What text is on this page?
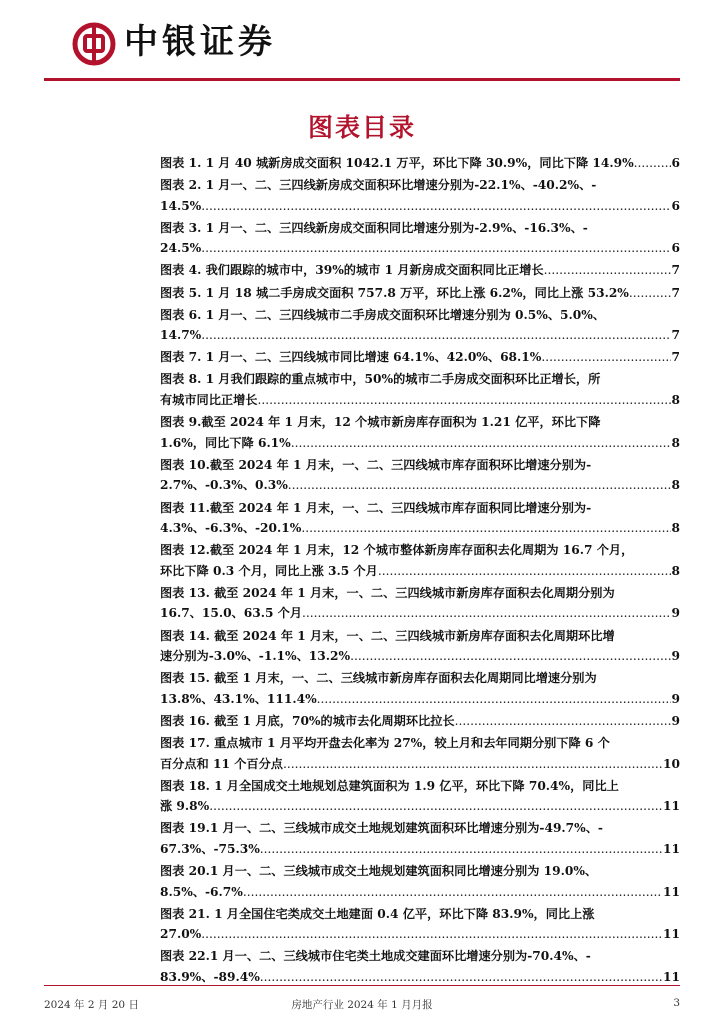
中银证券
图表目录
图表 1. 1 月 40 城新房成交面积 1042.1 万平，环比下降 30.9%，同比下降 14.9% .....	6
图表 2. 1 月一、二、三四线新房成交面积环比增速分别为-22.1%、-40.2%、-
14.5% .....	6
图表 3. 1 月一、二、三四线新房成交面积同比增速分别为-2.9%、-16.3%、-
24.5% .....	6
图表 4. 我们跟踪的城市中，39%的城市 1 月新房成交面积同比正增长 .....	7
图表 5. 1 月 18 城二手房成交面积 757.8 万平，环比上涨 6.2%，同比上涨 53.2% .....	7
图表 6. 1 月一、二、三四线城市二手房成交面积环比增速分别为 0.5%、5.0%、
14.7% .....	7
图表 7. 1 月一、二、三四线城市同比增速 64.1%、42.0%、68.1% .....	7
图表 8. 1 月我们跟踪的重点城市中，50%的城市二手房成交面积环比正增长，所
有城市同比正增长 .....	8
图表 9.截至 2024 年 1 月末，12 个城市新房库存面积为 1.21 亿平，环比下降
1.6%，同比下降 6.1% .....	8
图表 10.截至 2024 年 1 月末，一、二、三四线城市库存面积环比增速分别为-
2.7%、-0.3%、0.3% .....	8
图表 11.截至 2024 年 1 月末，一、二、三四线城市库存面积同比增速分别为-
4.3%、-6.3%、-20.1% .....	8
图表 12.截至 2024 年 1 月末，12 个城市整体新房库存面积去化周期为 16.7 个月，
环比下降 0.3 个月，同比上涨 3.5 个月 .....	8
图表 13. 截至 2024 年 1 月末，一、二、三四线城市新房库存面积去化周期分别为
16.7、15.0、63.5 个月 .....	9
图表 14. 截至 2024 年 1 月末，一、二、三四线城市新房库存面积去化周期环比增
速分别为-3.0%、-1.1%、13.2% .....	9
图表 15. 截至 1 月末，一、二、三线城市新房库存面积去化周期同比增速分别为
13.8%、43.1%、111.4% .....	9
图表 16. 截至 1 月底，70%的城市去化周期环比拉长 .....	9
图表 17. 重点城市 1 月平均开盘去化率为 27%，较上月和去年同期分别下降 6 个
百分点和 11 个百分点 .....	10
图表 18. 1 月全国成交土地规划总建筑面积为 1.9 亿平，环比下降 70.4%，同比上
涨 9.8% .....	11
图表 19.1 月一、二、三线城市成交土地规划建筑面积环比增速分别为-49.7%、-
67.3%、-75.3% .....	11
图表 20.1 月一、二、三线城市成交土地规划建筑面积同比增速分别为 19.0%、
8.5%、-6.7% .....	11
图表 21. 1 月全国住宅类成交土地建面 0.4 亿平，环比下降 83.9%，同比上涨
27.0% .....	11
图表 22.1 月一、二、三线城市住宅类土地成交建面环比增速分别为-70.4%、-
83.9%、-89.4% .....	11
2024 年 2 月 20 日	房地产行业 2024 年 1 月月报	3
